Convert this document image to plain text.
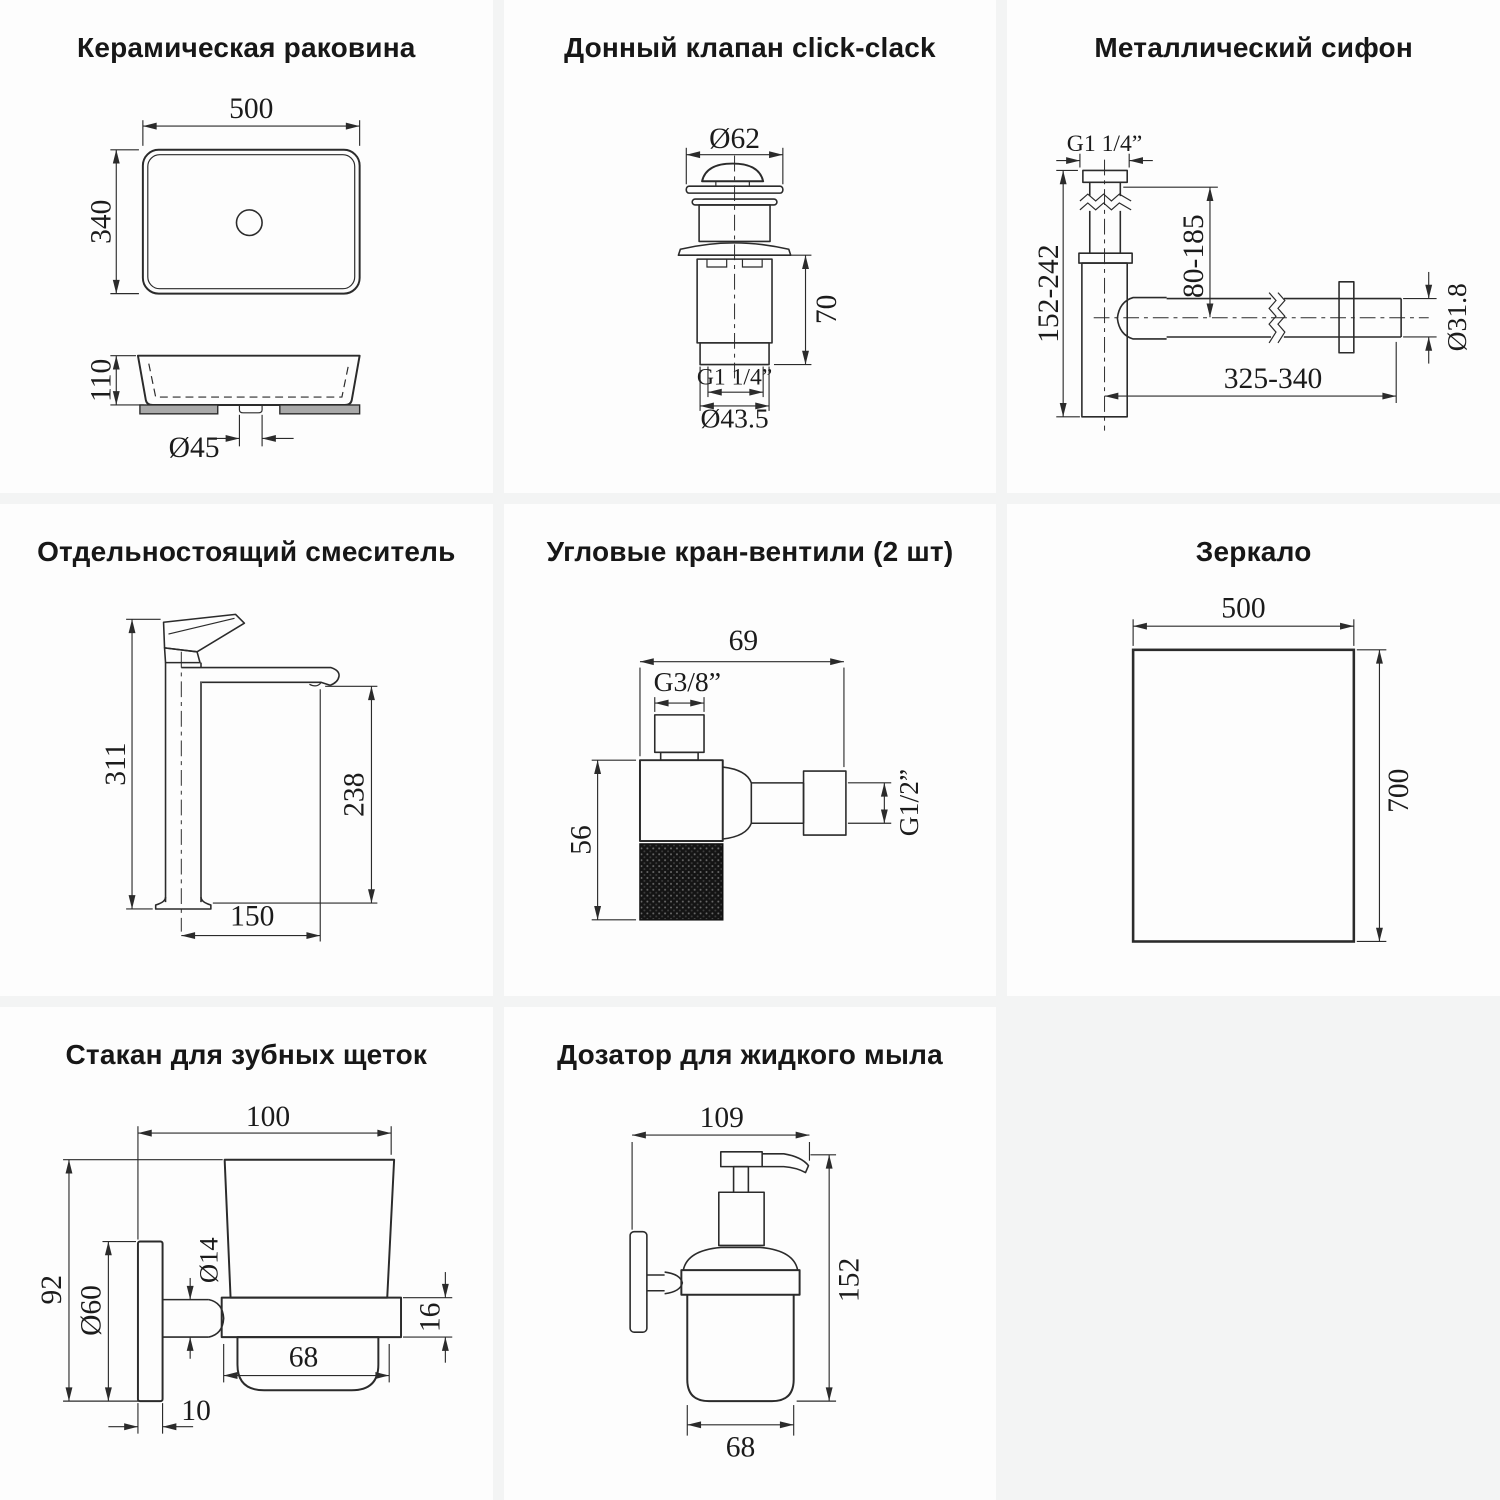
Керамическая раковина
500
340
110
Ø45
Донный клапан click-clack
Ø62
70
G1 1/4”
Ø43.5
Металлический сифон
G1 1/4”
152-242	80-185
Ø31.8
325-340
Отдельностоящий смеситель
311
238
150
Угловые кран-вентили (2 шт)
69
G3/8”
56
G1/2”
Зеркало
500
700
Стакан для зубных щеток
100
92 Ø60
Ø14
16
68
10
Дозатор для жидкого мыла
109
152
68
